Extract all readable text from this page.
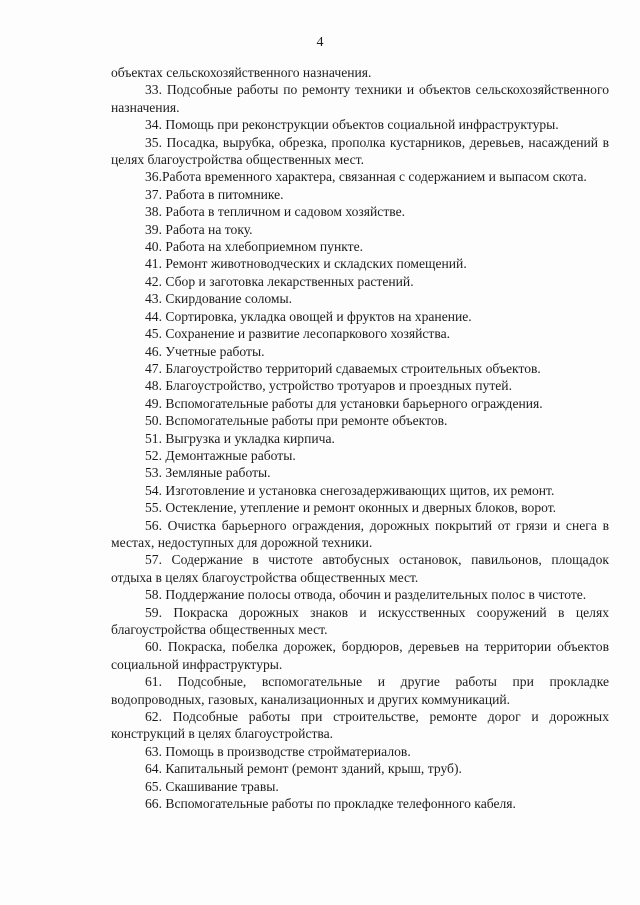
4

объектах сельскохозяйственного назначения.

33. Подсобные работы по ремонту техники и объектов сельскохозяйственного назначения.

34. Помощь при реконструкции объектов социальной инфраструктуры.

35. Посадка, вырубка, обрезка, прополка кустарников, деревьев, насаждений в целях благоустройства общественных мест.

36.Работа временного характера, связанная с содержанием и выпасом скота.

37. Работа в питомнике.

38. Работа в тепличном и садовом хозяйстве.

39. Работа на току.

40. Работа на хлебоприемном пункте.

41. Ремонт животноводческих и складских помещений.

42. Сбор и заготовка лекарственных растений.

43. Скирдование соломы.

44. Сортировка, укладка овощей и фруктов на хранение.

45. Сохранение и развитие лесопаркового хозяйства.

46. Учетные работы.

47. Благоустройство территорий сдаваемых строительных объектов.

48. Благоустройство, устройство тротуаров и проездных путей.

49. Вспомогательные работы для установки барьерного ограждения.

50. Вспомогательные работы при ремонте объектов.

51. Выгрузка и укладка кирпича.

52. Демонтажные работы.

53. Земляные работы.

54. Изготовление и установка снегозадерживающих щитов, их ремонт.

55. Остекление, утепление и ремонт оконных и дверных блоков, ворот.

56. Очистка барьерного ограждения, дорожных покрытий от грязи и снега в местах, недоступных для дорожной техники.

57. Содержание в чистоте автобусных остановок, павильонов, площадок отдыха в целях благоустройства общественных мест.

58. Поддержание полосы отвода, обочин и разделительных полос в чистоте.

59. Покраска дорожных знаков и искусственных сооружений в целях благоустройства общественных мест.

60. Покраска, побелка дорожек, бордюров, деревьев на территории объектов социальной инфраструктуры.

61. Подсобные, вспомогательные и другие работы при прокладке водопроводных, газовых, канализационных и других коммуникаций.

62. Подсобные работы при строительстве, ремонте дорог и дорожных конструкций в целях благоустройства.

63. Помощь в производстве стройматериалов.

64. Капитальный ремонт (ремонт зданий, крыш, труб).

65. Скашивание травы.

66. Вспомогательные работы по прокладке телефонного кабеля.
